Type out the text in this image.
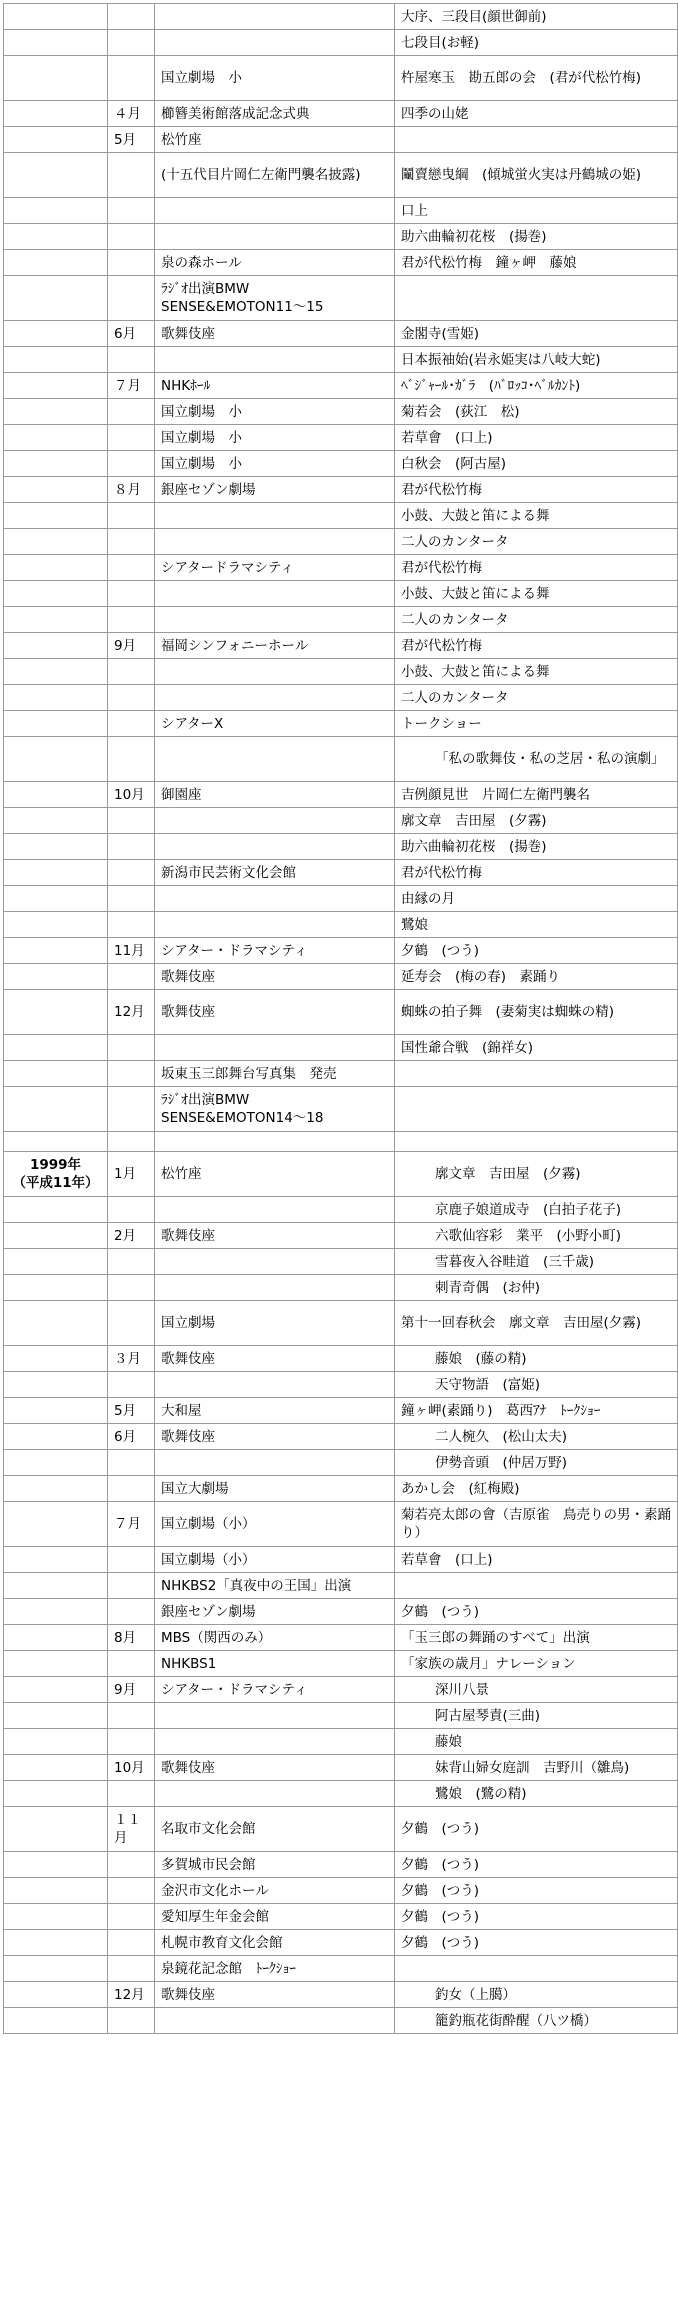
			大序、三段目(顔世御前)
			七段目(お軽)
		国立劇場　小	杵屋寒玉　勘五郎の会　(君が代松竹梅)
	４月	櫛簪美術館落成記念式典	四季の山姥
	5月	松竹座	
		(十五代目片岡仁左衛門襲名披露)	鬮賣戀曳綱　(傾城蛍火実は丹鶴城の姫)
			口上
			助六曲輪初花桜　(揚巻)
		泉の森ホール	君が代松竹梅　鐘ヶ岬　藤娘
		ﾗｼﾞｵ出演BMW SENSE&EMOTON11〜15	
	6月	歌舞伎座	金閣寺(雪姫)
			日本振袖始(岩永姫実は八岐大蛇)
	７月	NHKﾎｰﾙ	ﾍﾞｼﾞｬｰﾙ･ｶﾞﾗ　(ﾊﾞﾛｯｺ･ﾍﾞﾙｶﾝﾄ)
		国立劇場　小	菊若会　(荻江　松)
		国立劇場　小	若草會　(口上)
		国立劇場　小	白秋会　(阿古屋)
	８月	銀座セゾン劇場	君が代松竹梅
			小鼓、大鼓と笛による舞
			二人のカンタータ
		シアタードラマシティ	君が代松竹梅
			小鼓、大鼓と笛による舞
			二人のカンタータ
	9月	福岡シンフォニーホール	君が代松竹梅
			小鼓、大鼓と笛による舞
			二人のカンタータ
		シアターX	トークショー
			「私の歌舞伎・私の芝居・私の演劇」
	10月	御園座	吉例顔見世　片岡仁左衛門襲名
			廓文章　吉田屋　(夕霧)
			助六曲輪初花桜　(揚巻)
		新潟市民芸術文化会館	君が代松竹梅
			由縁の月
			鷺娘
	11月	シアター・ドラマシティ	夕鶴　(つう)
		歌舞伎座	延寿会　(梅の春)　素踊り
	12月	歌舞伎座	蜘蛛の拍子舞　(妻菊実は蜘蛛の精)
			国性爺合戦　(錦祥女)
		坂東玉三郎舞台写真集　発売	
		ﾗｼﾞｵ出演BMW SENSE&EMOTON14〜18	

1999年
（平成11年）	1月	松竹座	廓文章　吉田屋　(夕霧)
			京鹿子娘道成寺　(白拍子花子)
	2月	歌舞伎座	六歌仙容彩　業平　(小野小町)
			雪暮夜入谷畦道　(三千歳)
			刺青奇偶　(お仲)
		国立劇場	第十一回春秋会　廓文章　吉田屋(夕霧)
	３月	歌舞伎座	藤娘　(藤の精)
			天守物語　(富姫)
	5月	大和屋	鐘ヶ岬(素踊り)　葛西ｱﾅ　ﾄｰｸｼｮｰ
	6月	歌舞伎座	二人椀久　(松山太夫)
			伊勢音頭　(仲居万野)
		国立大劇場	あかし会　(紅梅殿)
	７月	国立劇場（小）	菊若亮太郎の會（吉原雀　鳥売りの男・素踊り）
		国立劇場（小）	若草會　(口上)
		NHKBS2「真夜中の王国」出演	
		銀座セゾン劇場	夕鶴　(つう)
	8月	MBS（関西のみ）	「玉三郎の舞踊のすべて」出演
		NHKBS1	「家族の歳月」ナレーション
	9月	シアター・ドラマシティ	深川八景
			阿古屋琴責(三曲)
			藤娘
	10月	歌舞伎座	妹背山婦女庭訓　吉野川（雛鳥)
			鷺娘　(鷺の精)
	１１月	名取市文化会館	夕鶴　(つう)
		多賀城市民会館	夕鶴　(つう)
		金沢市文化ホール	夕鶴　(つう)
		愛知厚生年金会館	夕鶴　(つう)
		札幌市教育文化会館	夕鶴　(つう)
		泉鏡花記念館　ﾄｰｸｼｮｰ	
	12月	歌舞伎座	釣女（上臈）
			籠釣瓶花街酔醒（八ツ橋）
